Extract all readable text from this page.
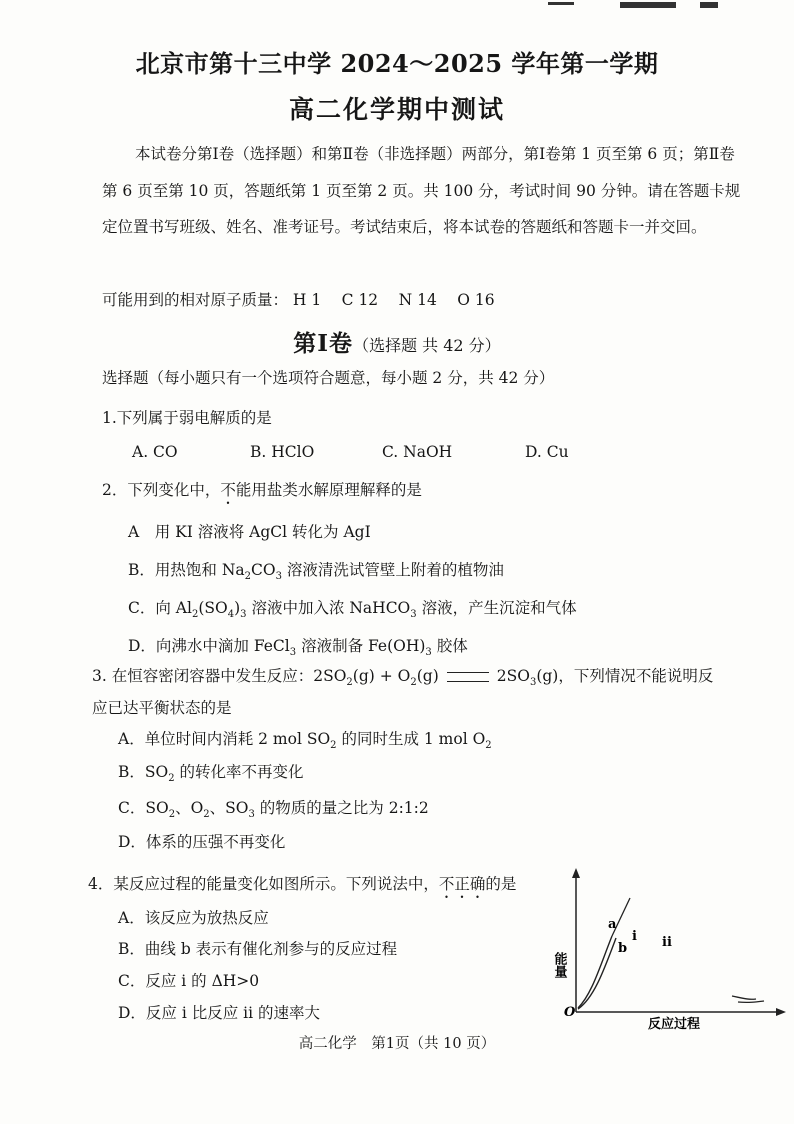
北京市第十三中学 2024～2025 学年第一学期
高二化学期中测试
本试卷分第Ⅰ卷（选择题）和第Ⅱ卷（非选择题）两部分，第Ⅰ卷第 1 页至第 6 页；第Ⅱ卷第 6 页至第 10 页，答题纸第 1 页至第 2 页。共 100 分，考试时间 90 分钟。请在答题卡规定位置书写班级、姓名、准考证号。考试结束后，将本试卷的答题纸和答题卡一并交回。
可能用到的相对原子质量： H 1　 C 12　 N 14　 O 16
第Ⅰ卷（选择题 共 42 分）
选择题（每小题只有一个选项符合题意，每小题 2 分，共 42 分）
1.下列属于弱电解质的是
A. CO	B. HClO	C. NaOH	D. Cu
2．下列变化中，不能用盐类水解原理解释的是
A　用 KI 溶液将 AgCl 转化为 AgI
B．用热饱和 $Na_2CO_3$ 溶液清洗试管壁上附着的植物油
C．向 $Al_2(SO_4)_3$ 溶液中加入浓 NaHCO$_3$ 溶液，产生沉淀和气体
D．向沸水中滴加 FeCl$_3$ 溶液制备 $Fe(OH)_3$ 胶体
3. 在恒容密闭容器中发生反应：$2SO_2(g) + O_2(g)$	$2SO_3(g)$，下列情况不能说明反
应已达平衡状态的是
A．单位时间内消耗 2 mol $SO_2$ 的同时生成 1 mol $O_2$
B．$SO_2$ 的转化率不再变化
C．$SO_2$、$O_2$、$SO_3$ 的物质的量之比为 2:1:2
D．体系的压强不再变化
4．某反应过程的能量变化如图所示。下列说法中，不正确的是
A．该反应为放热反应
B．曲线 b 表示有催化剂参与的反应过程
C．反应 i 的 ΔH>0
D．反应 i 比反应 ii 的速率大
能量
反应过程
O
a
b
i ii
高二化学　第1页（共 10 页）
